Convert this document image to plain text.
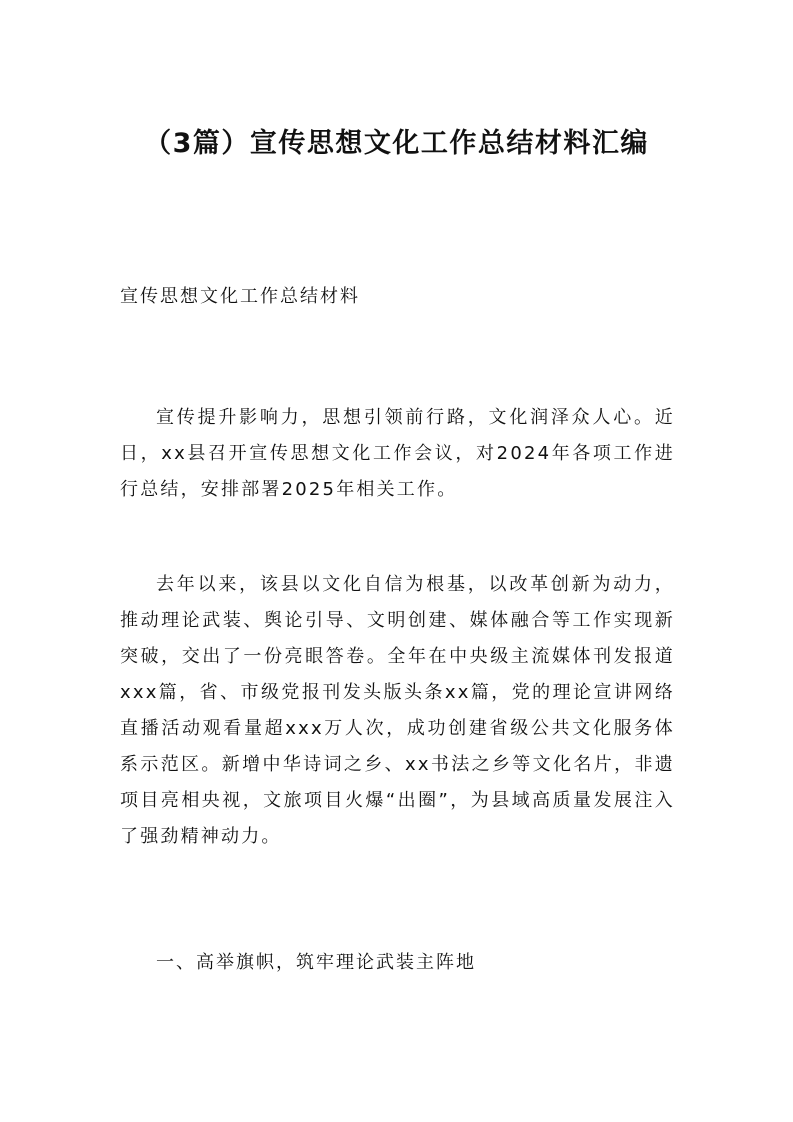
（3篇）宣传思想文化工作总结材料汇编

宣传思想文化工作总结材料

宣传提升影响力，思想引领前行路，文化润泽众人心。近日，xx县召开宣传思想文化工作会议，对2024年各项工作进行总结，安排部署2025年相关工作。

去年以来，该县以文化自信为根基，以改革创新为动力，推动理论武装、舆论引导、文明创建、媒体融合等工作实现新突破，交出了一份亮眼答卷。全年在中央级主流媒体刊发报道xxx篇，省、市级党报刊发头版头条xx篇，党的理论宣讲网络直播活动观看量超xxx万人次，成功创建省级公共文化服务体系示范区。新增中华诗词之乡、xx书法之乡等文化名片，非遗项目亮相央视，文旅项目火爆“出圈”，为县域高质量发展注入了强劲精神动力。

一、高举旗帜，筑牢理论武装主阵地
